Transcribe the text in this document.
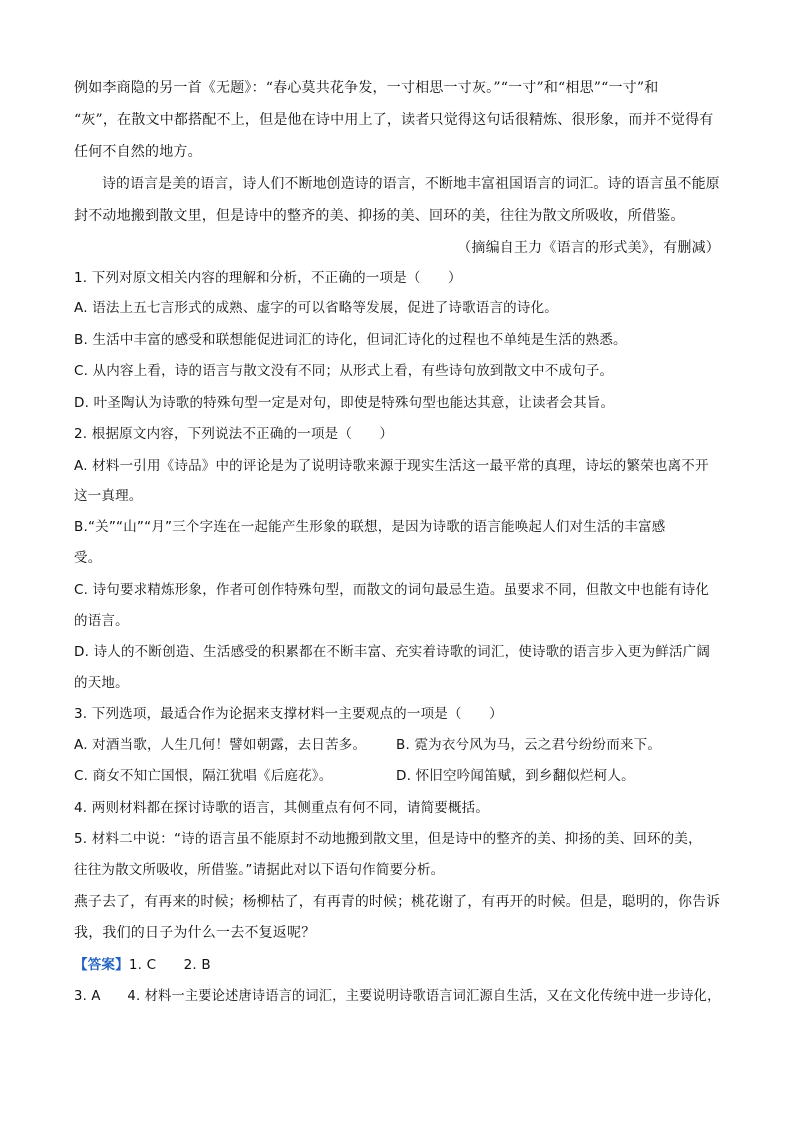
例如李商隐的另一首《无题》：“春心莫共花争发，一寸相思一寸灰。”“一寸”和“相思”“一寸”和
“灰”，在散文中都搭配不上，但是他在诗中用上了，读者只觉得这句话很精炼、很形象，而并不觉得有
任何不自然的地方。
诗的语言是美的语言，诗人们不断地创造诗的语言，不断地丰富祖国语言的词汇。诗的语言虽不能原
封不动地搬到散文里，但是诗中的整齐的美、抑扬的美、回环的美，往往为散文所吸收，所借鉴。
（摘编自王力《语言的形式美》，有删减）
1. 下列对原文相关内容的理解和分析，不正确的一项是（　　）
A. 语法上五七言形式的成熟、虚字的可以省略等发展，促进了诗歌语言的诗化。
B. 生活中丰富的感受和联想能促进词汇的诗化，但词汇诗化的过程也不单纯是生活的熟悉。
C. 从内容上看，诗的语言与散文没有不同；从形式上看，有些诗句放到散文中不成句子。
D. 叶圣陶认为诗歌的特殊句型一定是对句，即使是特殊句型也能达其意，让读者会其旨。
2. 根据原文内容，下列说法不正确的一项是（　　）
A. 材料一引用《诗品》中的评论是为了说明诗歌来源于现实生活这一最平常的真理，诗坛的繁荣也离不开
这一真理。
B.“关”“山”“月”三个字连在一起能产生形象的联想，是因为诗歌的语言能唤起人们对生活的丰富感
受。
C. 诗句要求精炼形象，作者可创作特殊句型，而散文的词句最忌生造。虽要求不同，但散文中也能有诗化
的语言。
D. 诗人的不断创造、生活感受的积累都在不断丰富、充实着诗歌的词汇，使诗歌的语言步入更为鲜活广阔
的天地。
3. 下列选项，最适合作为论据来支撑材料一主要观点的一项是（　　）
A. 对酒当歌，人生几何！譬如朝露，去日苦多。 B. 霓为衣兮风为马，云之君兮纷纷而来下。
C. 商女不知亡国恨，隔江犹唱《后庭花》。	D. 怀旧空吟闻笛赋，到乡翻似烂柯人。
4. 两则材料都在探讨诗歌的语言，其侧重点有何不同，请简要概括。
5. 材料二中说：“诗的语言虽不能原封不动地搬到散文里，但是诗中的整齐的美、抑扬的美、回环的美，
往往为散文所吸收，所借鉴。”请据此对以下语句作简要分析。
燕子去了，有再来的时候；杨柳枯了，有再青的时候；桃花谢了，有再开的时候。但是，聪明的，你告诉
我，我们的日子为什么一去不复返呢？
【答案】1. C　　2. B
3. A　　4. 材料一主要论述唐诗语言的词汇，主要说明诗歌语言词汇源自生活，又在文化传统中进一步诗化，
